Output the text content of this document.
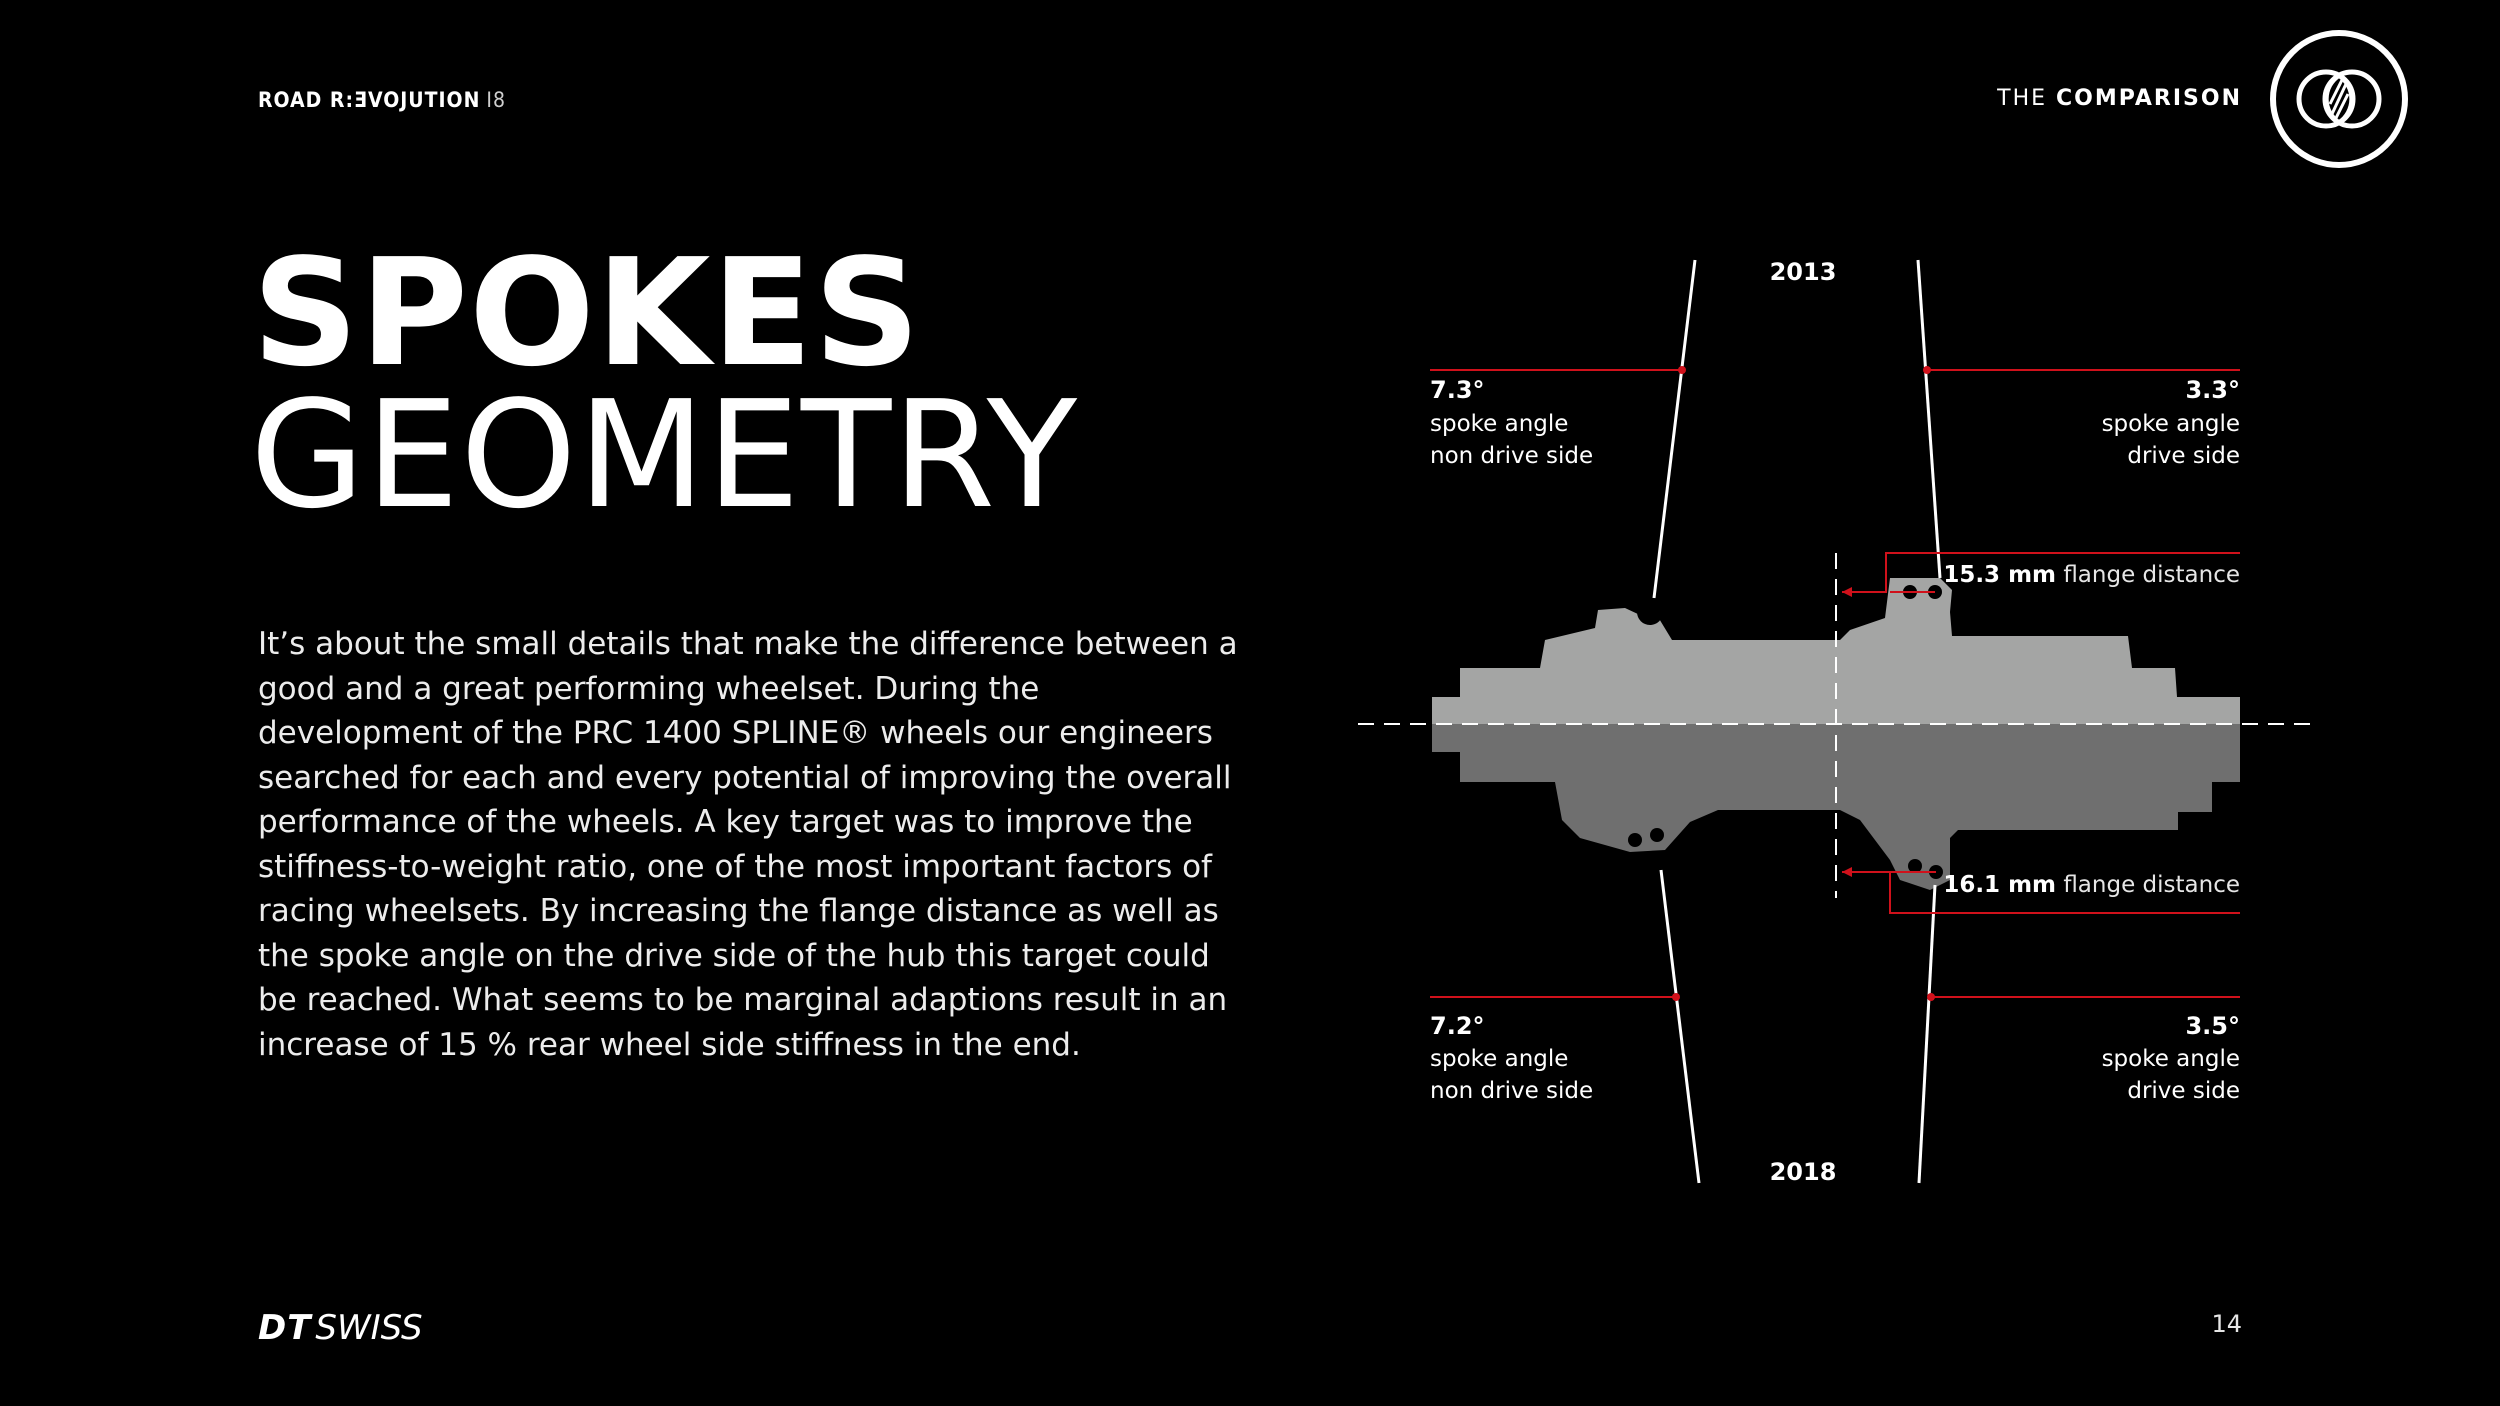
ROAD R:ƎVOJUTION I8	THE COMPARISON
SPOKES
GEOMETRY
It’s about the small details that make the difference between a good and a great performing wheelset. During the development of the PRC 1400 SPLINE® wheels our engineers searched for each and every potential of improving the overall performance of the wheels. A key target was to improve the stiffness-to-weight ratio, one of the most important factors of racing wheelsets. By increasing the flange distance as well as the spoke angle on the drive side of the hub this target could be reached. What seems to be marginal adaptions result in an increase of 15 % rear wheel side stiffness in the end.
2013
2018
7.3°
spoke angle
non drive side
3.3°
spoke angle
drive side
15.3 mm flange distance
16.1 mm flange distance
7.2°
spoke angle
non drive side
3.5°
spoke angle
drive side
DT SWISS	14
